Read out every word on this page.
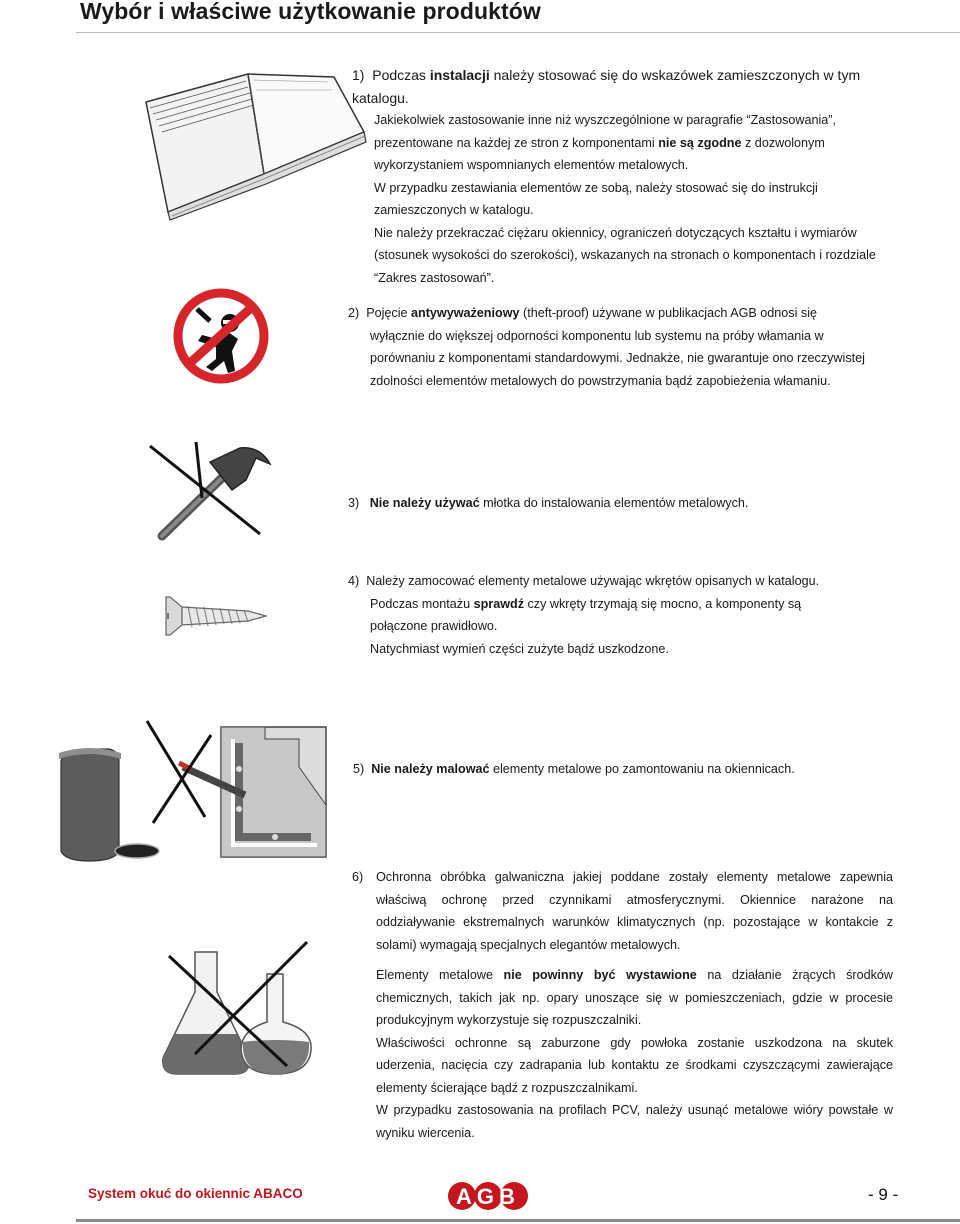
Wybór i właściwe użytkowanie produktów

1) Podczas instalacji należy stosować się do wskazówek zamieszczonych w tym katalogu.

Jakiekolwiek zastosowanie inne niż wyszczególnione w paragrafie “Zastosowania”,

prezentowane na każdej ze stron z komponentami nie są zgodne z dozwolonym

wykorzystaniem wspomnianych elementów metalowych.

W przypadku zestawiania elementów ze sobą, należy stosować się do instrukcji

zamieszczonych w katalogu.

Nie należy przekraczać ciężaru okiennicy, ograniczeń dotyczących kształtu i wymiarów

(stosunek wysokości do szerokości), wskazanych na stronach o komponentach i rozdziale

“Zakres zastosowań”.

2) Pojęcie antywyważeniowy (theft-proof) używane w publikacjach AGB odnosi się

wyłącznie do większej odporności komponentu lub systemu na próby włamania w

porównaniu z komponentami standardowymi. Jednakże, nie gwarantuje ono rzeczywistej

zdolności elementów metalowych do powstrzymania bądź zapobieżenia włamaniu.

3) Nie należy używać młotka do instalowania elementów metalowych.

4) Należy zamocować elementy metalowe używając wkrętów opisanych w katalogu.

Podczas montażu sprawdź czy wkręty trzymają się mocno, a komponenty są

połączone prawidłowo.

Natychmiast wymień części zużyte bądź uszkodzone.

5) Nie należy malować elementy metalowe po zamontowaniu na okiennicach.

6) Ochronna obróbka galwaniczna jakiej poddane zostały elementy metalowe zapewnia właściwą ochronę przed czynnikami atmosferycznymi. Okiennice narażone na oddziaływanie ekstremalnych warunków klimatycznych (np. pozostające w kontakcie z solami) wymagają specjalnych elegantów metalowych.

Elementy metalowe nie powinny być wystawione na działanie żrących środków chemicznych, takich jak np. opary unoszące się w pomieszczeniach, gdzie w procesie produkcyjnym wykorzystuje się rozpuszczalniki.

Właściwości ochronne są zaburzone gdy powłoka zostanie uszkodzona na skutek uderzenia, nacięcia czy zadrapania lub kontaktu ze środkami czyszczącymi zawierające elementy ścierające bądź z rozpuszczalnikami.

W przypadku zastosowania na profilach PCV, należy usunąć metalowe wióry powstałe w wyniku wiercenia.

System okuć do okiennic ABACO	AGB	- 9 -
